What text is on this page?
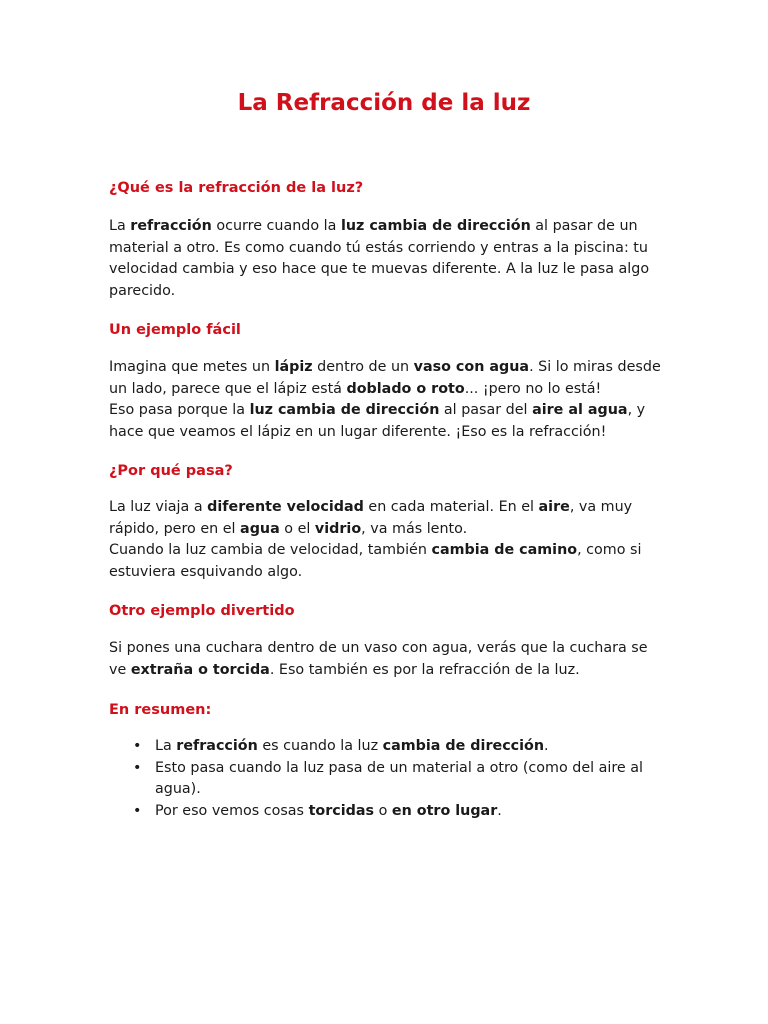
La Refracción de la luz
¿Qué es la refracción de la luz?

La refracción ocurre cuando la luz cambia de dirección al pasar de un material a otro. Es como cuando tú estás corriendo y entras a la piscina: tu velocidad cambia y eso hace que te muevas diferente. A la luz le pasa algo parecido.

Un ejemplo fácil

Imagina que metes un lápiz dentro de un vaso con agua. Si lo miras desde un lado, parece que el lápiz está doblado o roto... ¡pero no lo está!
Eso pasa porque la luz cambia de dirección al pasar del aire al agua, y hace que veamos el lápiz en un lugar diferente. ¡Eso es la refracción!

¿Por qué pasa?

La luz viaja a diferente velocidad en cada material. En el aire, va muy rápido, pero en el agua o el vidrio, va más lento.
Cuando la luz cambia de velocidad, también cambia de camino, como si estuviera esquivando algo.

Otro ejemplo divertido

Si pones una cuchara dentro de un vaso con agua, verás que la cuchara se ve extraña o torcida. Eso también es por la refracción de la luz.

En resumen:
• La refracción es cuando la luz cambia de dirección.
• Esto pasa cuando la luz pasa de un material a otro (como del aire al agua).
• Por eso vemos cosas torcidas o en otro lugar.
